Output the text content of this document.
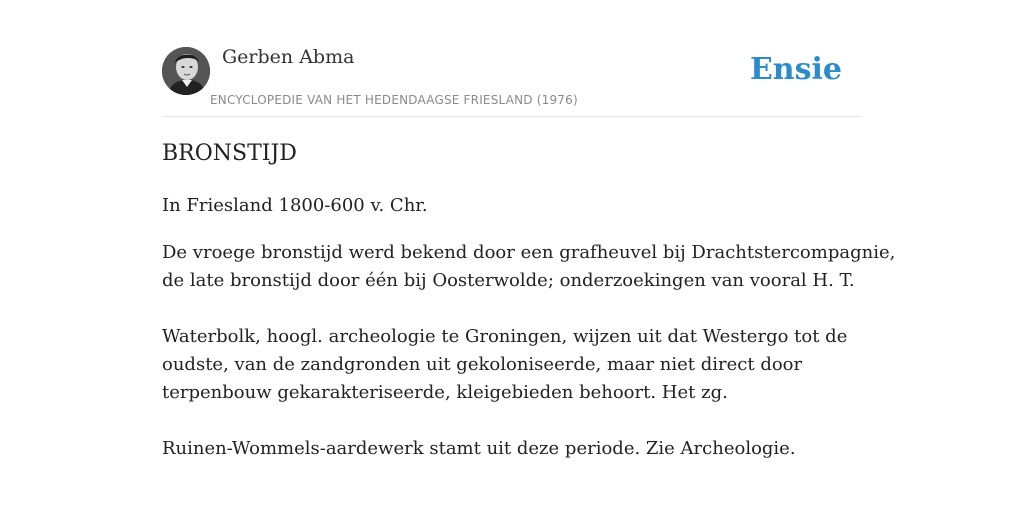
Gerben Abma
ENCYCLOPEDIE VAN HET HEDENDAAGSE FRIESLAND (1976)
Ensie
BRONSTIJD

In Friesland 1800-600 v. Chr.

De vroege bronstijd werd bekend door een grafheuvel bij Drachtstercompagnie,
de late bronstijd door één bij Oosterwolde; onderzoekingen van vooral H. T.

Waterbolk, hoogl. archeologie te Groningen, wijzen uit dat Westergo tot de
oudste, van de zandgronden uit gekoloniseerde, maar niet direct door
terpenbouw gekarakteriseerde, kleigebieden behoort. Het zg.

Ruinen-Wommels-aardewerk stamt uit deze periode. Zie Archeologie.
